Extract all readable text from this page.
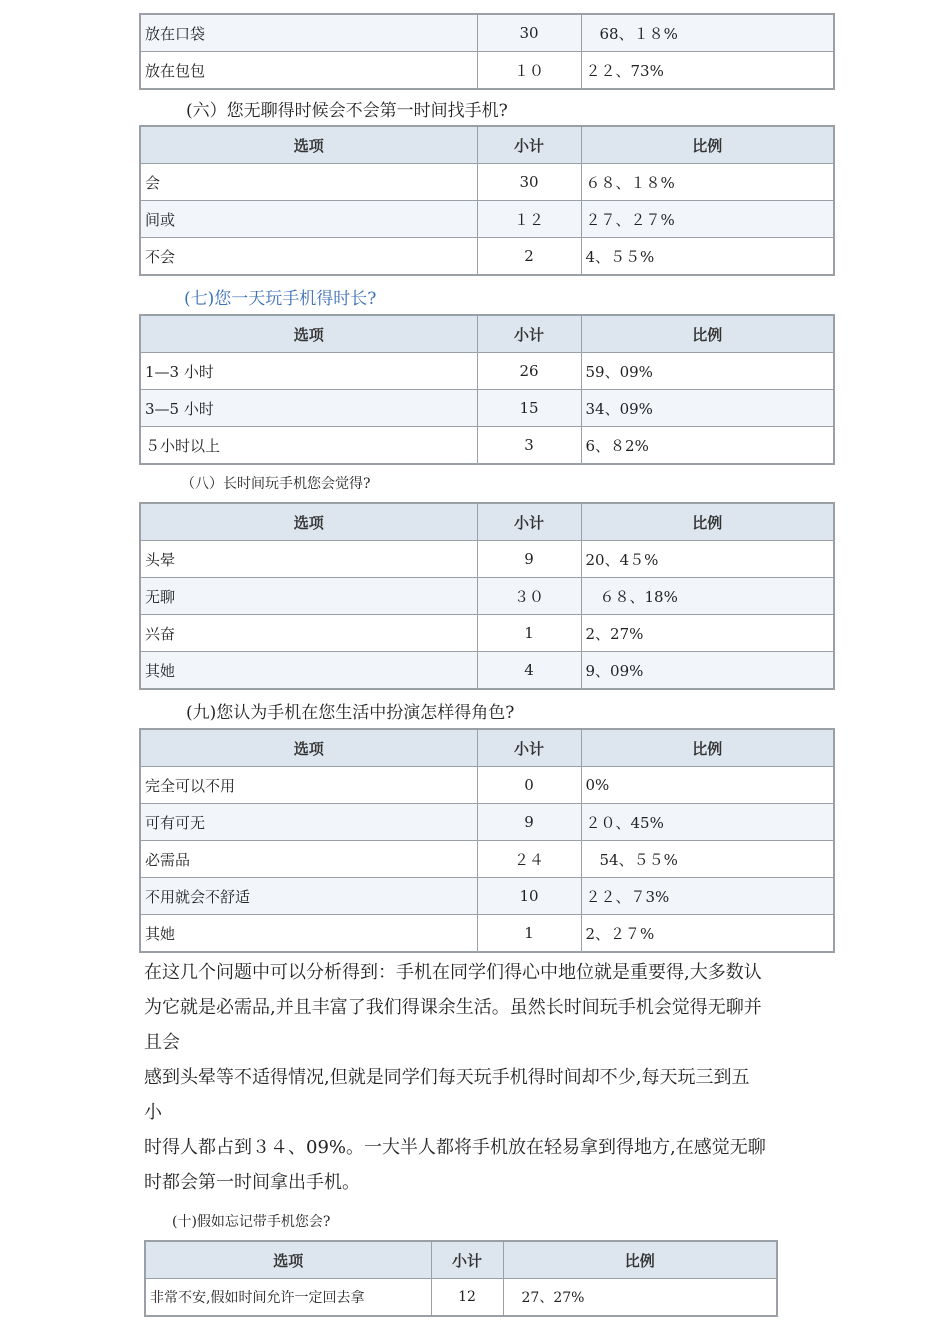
放在口袋	30	68、１８%
放在包包	１０	２２、73%
(六）您无聊得时候会不会第一时间找手机?
选项	小计	比例
会	30	６８、１８%
间或	１２	２７、２７%
不会	2	4、５５%
(七)您一天玩手机得时长?
选项	小计	比例
1—3 小时	26	59、09%
3—5 小时	15	34、09%
５小时以上	3	6、８2%
（八）长时间玩手机您会觉得?
选项	小计	比例
头晕	9	20、4５%
无聊	３０	６８、18%
兴奋	1	2、27%
其她	4	9、09%
(九)您认为手机在您生活中扮演怎样得角色?
选项	小计	比例
完全可以不用	0	0%
可有可无	9	２０、45%
必需品	２４	54、５５%
不用就会不舒适	10	２２、７3%
其她	1	2、２７%
在这几个问题中可以分析得到：手机在同学们得心中地位就是重要得,大多数认
为它就是必需品,并且丰富了我们得课余生活。虽然长时间玩手机会觉得无聊并
且会
感到头晕等不适得情况,但就是同学们每天玩手机得时间却不少,每天玩三到五
小
时得人都占到３４、09%。一大半人都将手机放在轻易拿到得地方,在感觉无聊
时都会第一时间拿出手机。
(十)假如忘记带手机您会?
选项	小计	比例
非常不安,假如时间允许一定回去拿	12	27、27%
